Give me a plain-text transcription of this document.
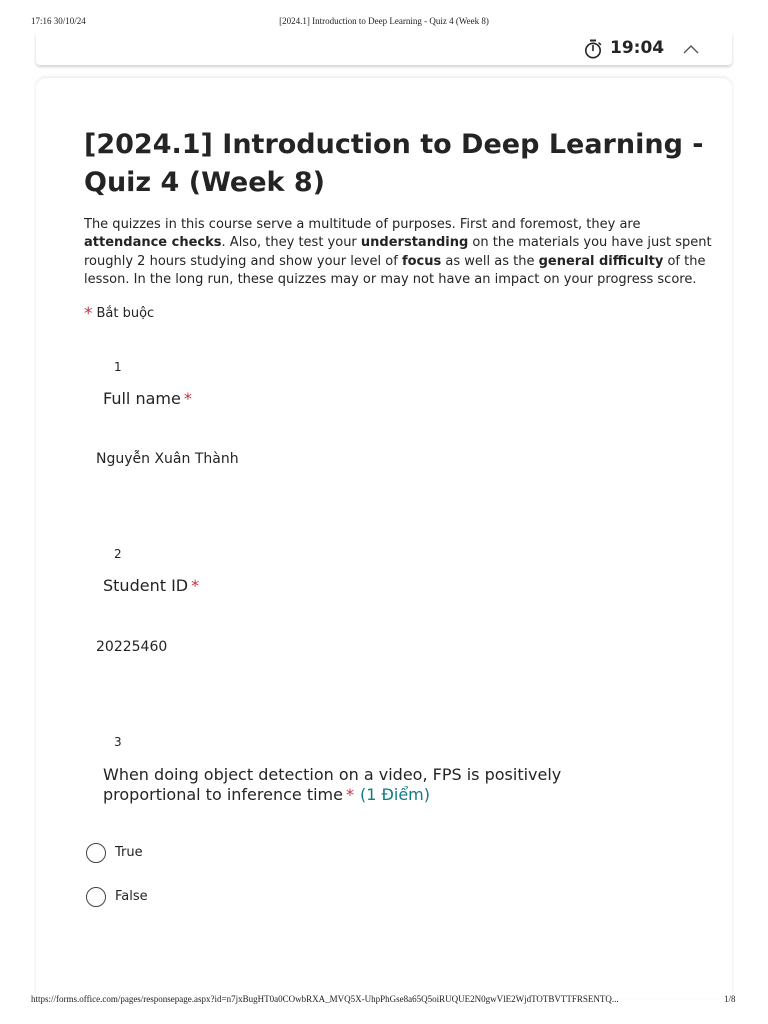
17:16 30/10/24	[2024.1] Introduction to Deep Learning - Quiz 4 (Week 8)
19:04
[2024.1] Introduction to Deep Learning - Quiz 4 (Week 8)

The quizzes in this course serve a multitude of purposes. First and foremost, they are attendance checks. Also, they test your understanding on the materials you have just spent roughly 2 hours studying and show your level of focus as well as the general difficulty of the lesson. In the long run, these quizzes may or may not have an impact on your progress score.

* Bắt buộc
1
Full name *
Nguyễn Xuân Thành
2
Student ID *
20225460
3
When doing object detection on a video, FPS is positively proportional to inference time * (1 Điểm)
True
False
https://forms.office.com/pages/responsepage.aspx?id=n7jxBugHT0a0COwbRXA_MVQ5X-UhpPhGse8a65Q5oiRUQUE2N0gwVlE2WjdTOTBVTTFRSENTQ...	1/8
